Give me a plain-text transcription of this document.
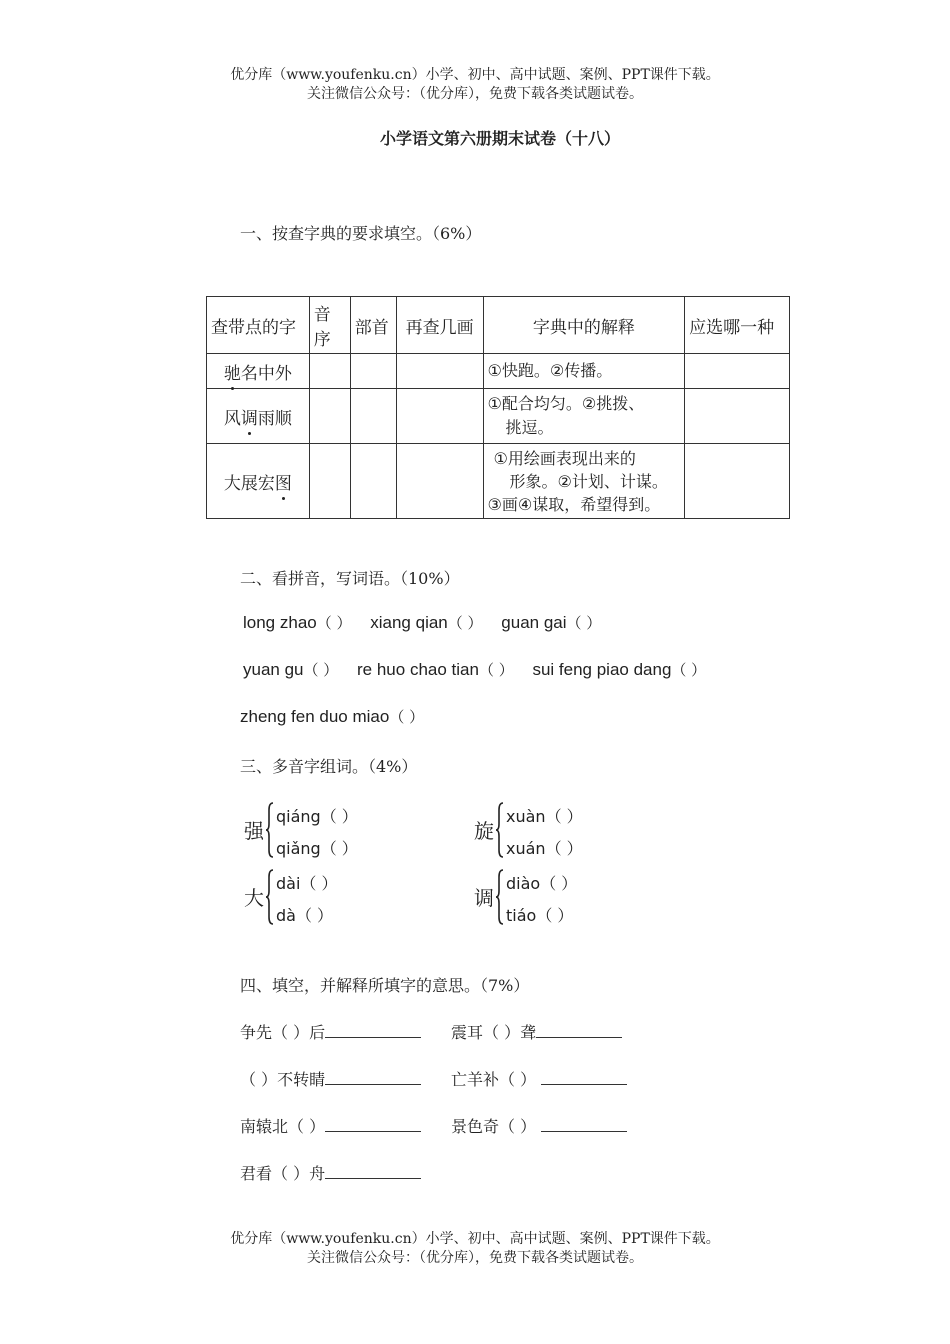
优分库（www.youfenku.cn）小学、初中、高中试题、案例、PPT课件下载。
关注微信公众号：（优分库），免费下载各类试题试卷。
小学语文第六册期末试卷（十八）
一、按查字典的要求填空。（6%）
查带点的字	音序	部首	再查几画	字典中的解释	应选哪一种
驰名中外				①快跑。②传播。	

风调雨顺				①配合均匀。②挑拨、
挑逗。	

大展宏图				①用绘画表现出来的
形象。②计划、计谋。
③画④谋取，希望得到。	

二、看拼音，写词语。（10%）
long zhao（ ） xiang qian（ ） guan gai（ ）
yuan gu（ ） re huo chao tian（ ） sui feng piao dang（ ）
zheng fen duo miao（ ）
三、多音字组词。（4%）
强
qiáng（ ）
qiǎng（ ）
旋
xuàn（ ）
xuán（ ）
大
dài（ ）
dà（ ）
调
diào（ ）
tiáo（ ）
四、填空，并解释所填字的意思。（7%）
争先（ ）后	震耳（ ）聋
（ ）不转睛	亡羊补（ ）
南辕北（ ）	景色奇（ ）
君看（ ）舟
优分库（www.youfenku.cn）小学、初中、高中试题、案例、PPT课件下载。
关注微信公众号：（优分库），免费下载各类试题试卷。
